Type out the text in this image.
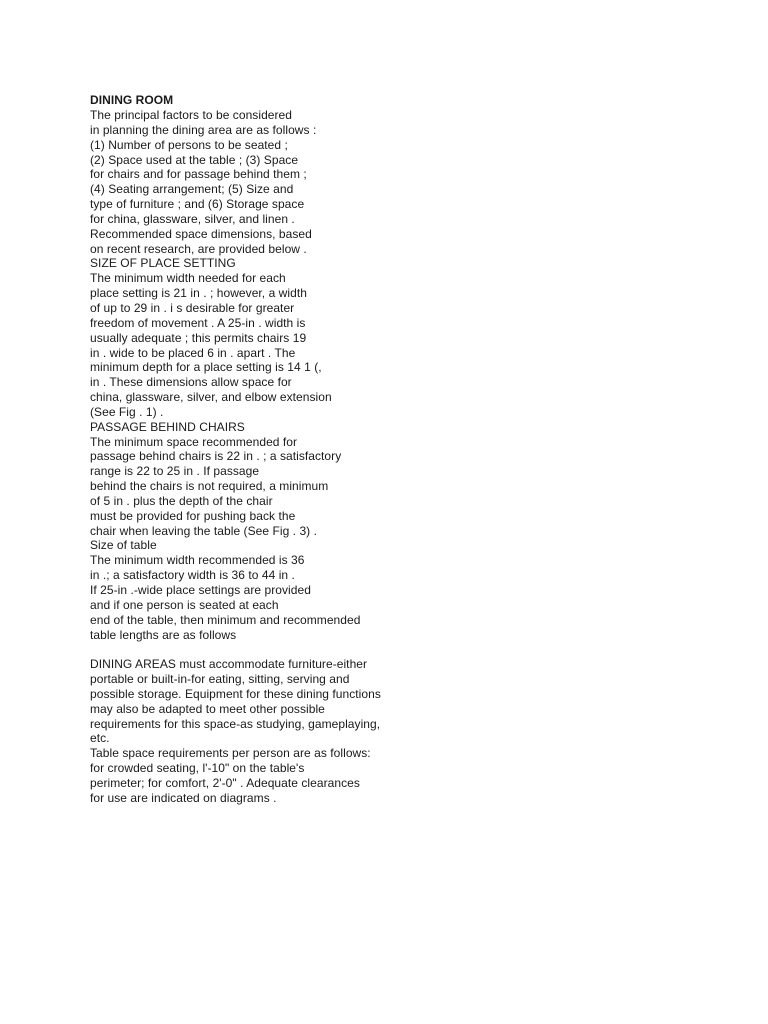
DINING ROOM
The principal factors to be considered
in planning the dining area are as follows :
(1) Number of persons to be seated ;
(2) Space used at the table ; (3) Space
for chairs and for passage behind them ;
(4) Seating arrangement; (5) Size and
type of furniture ; and (6) Storage space
for china, glassware, silver, and linen .
Recommended space dimensions, based
on recent research, are provided below .
SIZE OF PLACE SETTING
The minimum width needed for each
place setting is 21 in . ; however, a width
of up to 29 in . i s desirable for greater
freedom of movement . A 25-in . width is
usually adequate ; this permits chairs 19
in . wide to be placed 6 in . apart . The
minimum depth for a place setting is 14 1 (,
in . These dimensions allow space for
china, glassware, silver, and elbow extension
(See Fig . 1) .
PASSAGE BEHIND CHAIRS
The minimum space recommended for
passage behind chairs is 22 in . ; a satisfactory
range is 22 to 25 in . If passage
behind the chairs is not required, a minimum
of 5 in . plus the depth of the chair
must be provided for pushing back the
chair when leaving the table (See Fig . 3) .
Size of table
The minimum width recommended is 36
in .; a satisfactory width is 36 to 44 in .
If 25-in .-wide place settings are provided
and if one person is seated at each
end of the table, then minimum and recommended
table lengths are as follows
DINING AREAS must accommodate furniture-either
portable or built-in-for eating, sitting, serving and
possible storage. Equipment for these dining functions
may also be adapted to meet other possible
requirements for this space-as studying, gameplaying,
etc.
Table space requirements per person are as follows:
for crowded seating, l'-10" on the table's
perimeter; for comfort, 2'-0" . Adequate clearances
for use are indicated on diagrams .
